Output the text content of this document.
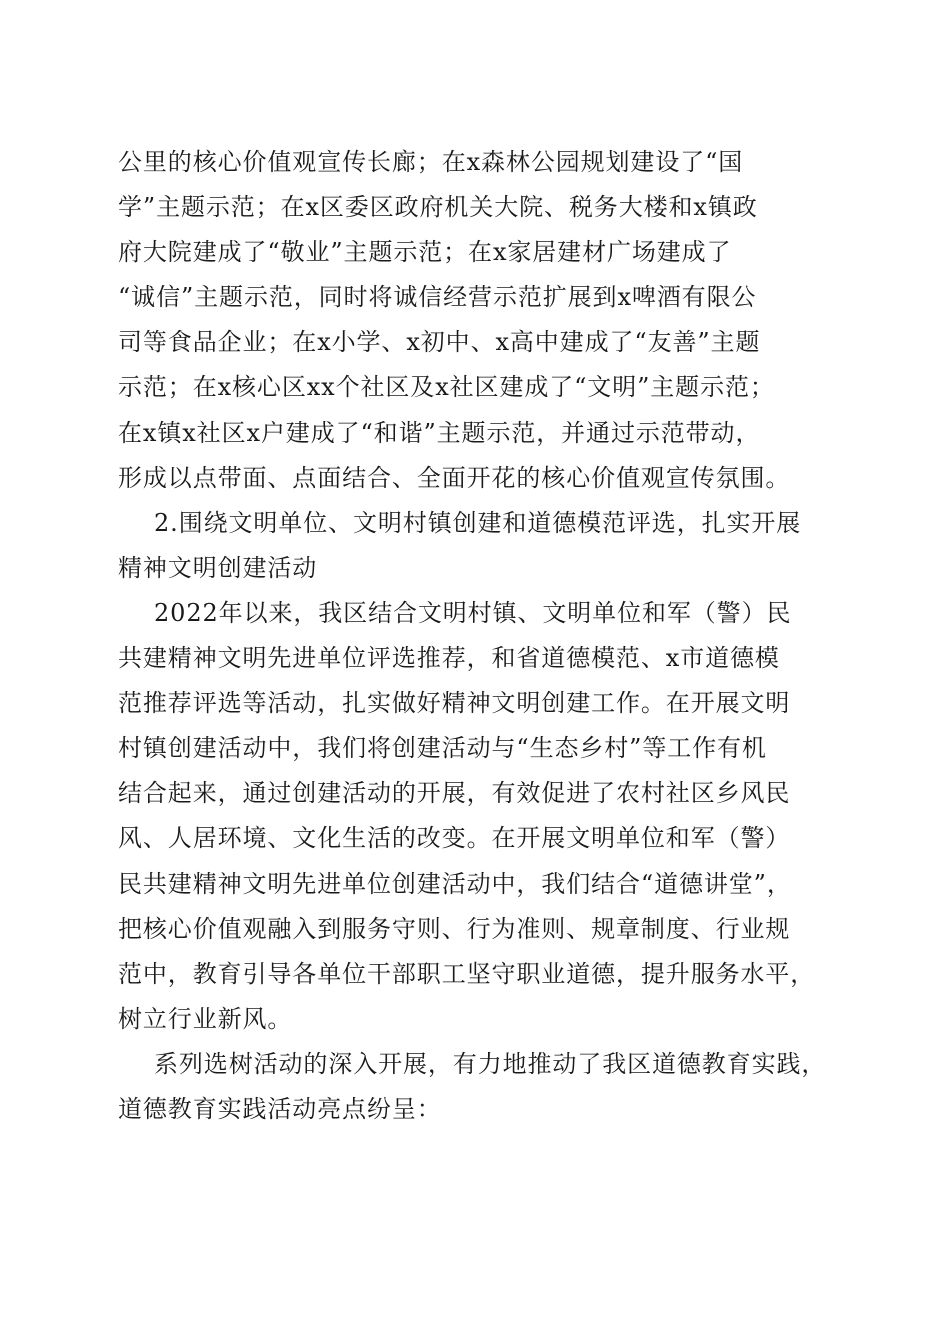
公里的核心价值观宣传长廊；在x森林公园规划建设了“国
学”主题示范；在x区委区政府机关大院、税务大楼和x镇政
府大院建成了“敬业”主题示范；在x家居建材广场建成了
“诚信”主题示范，同时将诚信经营示范扩展到x啤酒有限公
司等食品企业；在x小学、x初中、x高中建成了“友善”主题
示范；在x核心区xx个社区及x社区建成了“文明”主题示范；
在x镇x社区x户建成了“和谐”主题示范，并通过示范带动，
形成以点带面、点面结合、全面开花的核心价值观宣传氛围。
2.围绕文明单位、文明村镇创建和道德模范评选，扎实开展
精神文明创建活动
2022年以来，我区结合文明村镇、文明单位和军（警）民
共建精神文明先进单位评选推荐，和省道德模范、x市道德模
范推荐评选等活动，扎实做好精神文明创建工作。在开展文明
村镇创建活动中，我们将创建活动与“生态乡村”等工作有机
结合起来，通过创建活动的开展，有效促进了农村社区乡风民
风、人居环境、文化生活的改变。在开展文明单位和军（警）
民共建精神文明先进单位创建活动中，我们结合“道德讲堂”，
把核心价值观融入到服务守则、行为准则、规章制度、行业规
范中，教育引导各单位干部职工坚守职业道德，提升服务水平，
树立行业新风。
系列选树活动的深入开展，有力地推动了我区道德教育实践，
道德教育实践活动亮点纷呈：
